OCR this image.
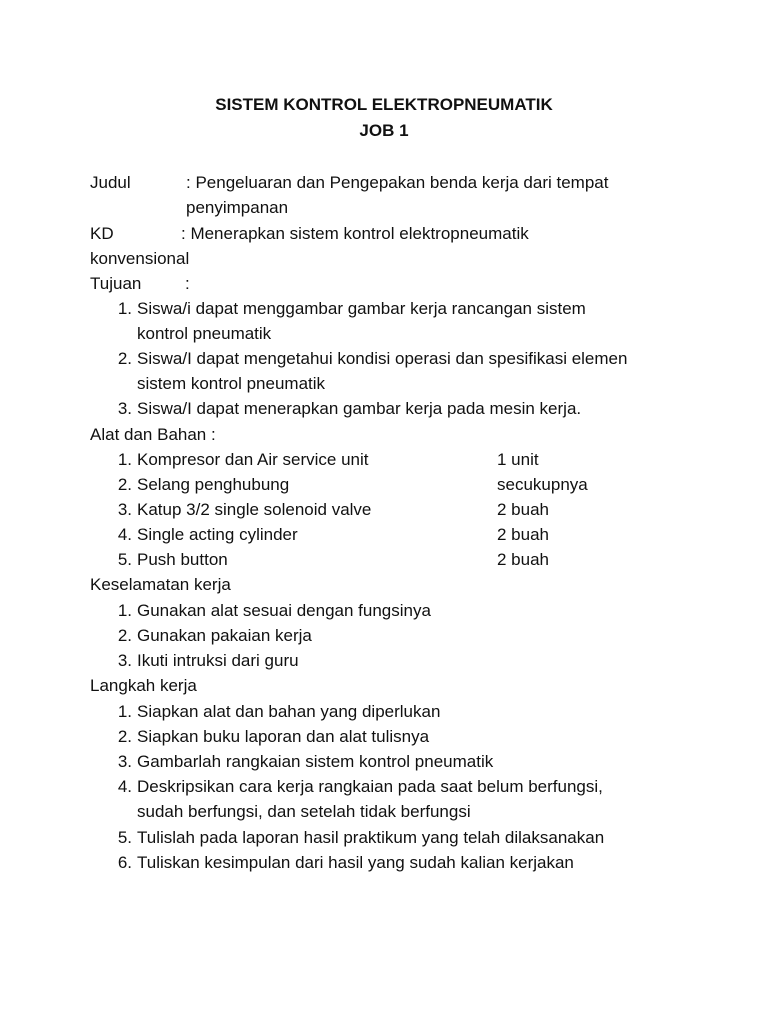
SISTEM KONTROL ELEKTROPNEUMATIK
JOB 1
Judul	: Pengeluaran dan Pengepakan benda kerja dari tempat
penyimpanan
KD	: Menerapkan sistem kontrol elektropneumatik
konvensional
Tujuan	:
1. Siswa/i dapat menggambar gambar kerja rancangan sistem
kontrol pneumatik
2. Siswa/I dapat mengetahui kondisi operasi dan spesifikasi elemen
sistem kontrol pneumatik
3. Siswa/I dapat menerapkan gambar kerja pada mesin kerja.
Alat dan Bahan :
1. Kompresor dan Air service unit	1 unit
2. Selang penghubung	secukupnya
3. Katup 3/2 single solenoid valve	2 buah
4. Single acting cylinder	2 buah
5. Push button	2 buah
Keselamatan kerja
1. Gunakan alat sesuai dengan fungsinya
2. Gunakan pakaian kerja
3. Ikuti intruksi dari guru
Langkah kerja
1. Siapkan alat dan bahan yang diperlukan
2. Siapkan buku laporan dan alat tulisnya
3. Gambarlah rangkaian sistem kontrol pneumatik
4. Deskripsikan cara kerja rangkaian pada saat belum berfungsi,
sudah berfungsi, dan setelah tidak berfungsi
5. Tulislah pada laporan hasil praktikum yang telah dilaksanakan
6. Tuliskan kesimpulan dari hasil yang sudah kalian kerjakan
